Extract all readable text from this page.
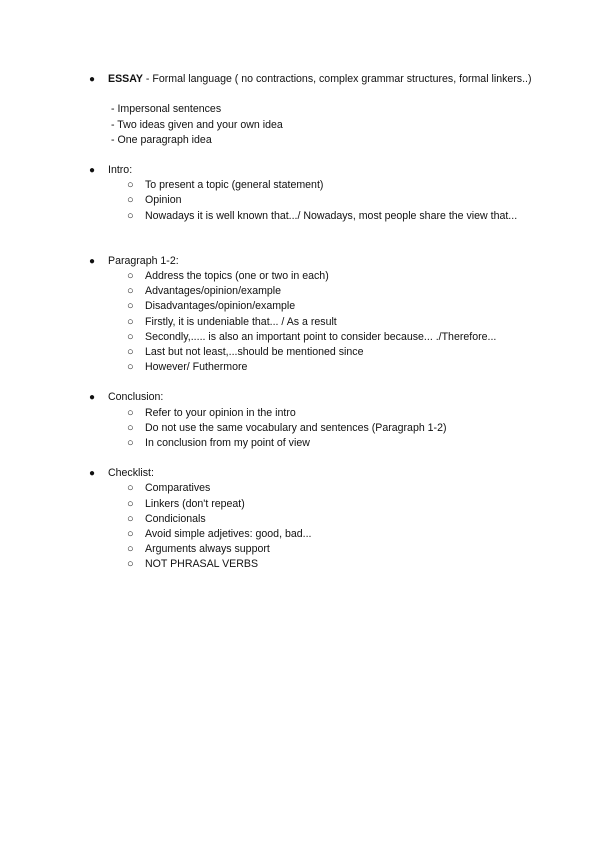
● ESSAY - Formal language ( no contractions, complex grammar structures, formal linkers..)
- Impersonal sentences
- Two ideas given and your own idea
- One paragraph idea
● Intro:
○ To present a topic (general statement)
○ Opinion
○ Nowadays it is well known that.../ Nowadays, most people share the view that...
● Paragraph 1-2:
○ Address the topics (one or two in each)
○ Advantages/opinion/example
○ Disadvantages/opinion/example
○ Firstly, it is undeniable that... / As a result
○ Secondly,..... is also an important point to consider because... ./Therefore...
○ Last but not least,...should be mentioned since
○ However/ Futhermore
● Conclusion:
○ Refer to your opinion in the intro
○ Do not use the same vocabulary and sentences (Paragraph 1-2)
○ In conclusion from my point of view
● Checklist:
○ Comparatives
○ Linkers (don't repeat)
○ Condicionals
○ Avoid simple adjetives: good, bad...
○ Arguments always support
○ NOT PHRASAL VERBS
